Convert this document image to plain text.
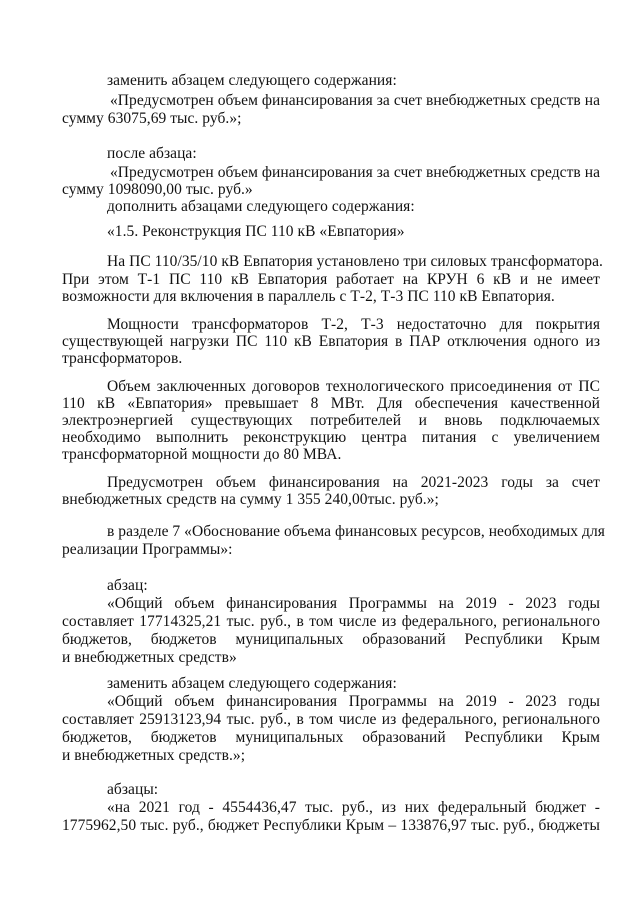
заменить абзацем следующего содержания:
«Предусмотрен объем финансирования за счет внебюджетных средств на
сумму 63075,69 тыс. руб.»;
после абзаца:
«Предусмотрен объем финансирования за счет внебюджетных средств на
сумму 1098090,00 тыс. руб.»
дополнить абзацами следующего содержания:
«1.5. Реконструкция ПС 110 кВ «Евпатория»
На ПС 110/35/10 кВ Евпатория установлено три силовых трансформатора.
При этом Т-1 ПС 110 кВ Евпатория работает на КРУН 6 кВ и не имеет
возможности для включения в параллель с Т-2, Т-3 ПС 110 кВ Евпатория.
Мощности трансформаторов Т-2, Т-3 недостаточно для покрытия
существующей нагрузки ПС 110 кВ Евпатория в ПАР отключения одного из
трансформаторов.
Объем заключенных договоров технологического присоединения от ПС
110 кВ «Евпатория» превышает 8 МВт. Для обеспечения качественной
электроэнергией существующих потребителей и вновь подключаемых
необходимо выполнить реконструкцию центра питания с увеличением
трансформаторной мощности до 80 МВА.
Предусмотрен объем финансирования на 2021-2023 годы за счет
внебюджетных средств на сумму 1 355 240,00тыс. руб.»;
в разделе 7 «Обоснование объема финансовых ресурсов, необходимых для
реализации Программы»:
абзац:
«Общий объем финансирования Программы на 2019 - 2023 годы
составляет 17714325,21 тыс. руб., в том числе из федерального, регионального
бюджетов, бюджетов муниципальных образований Республики Крым
и внебюджетных средств»
заменить абзацем следующего содержания:
«Общий объем финансирования Программы на 2019 - 2023 годы
составляет 25913123,94 тыс. руб., в том числе из федерального, регионального
бюджетов, бюджетов муниципальных образований Республики Крым
и внебюджетных средств.»;
абзацы:
«на 2021 год - 4554436,47 тыс. руб., из них федеральный бюджет -
1775962,50 тыс. руб., бюджет Республики Крым – 133876,97 тыс. руб., бюджеты
